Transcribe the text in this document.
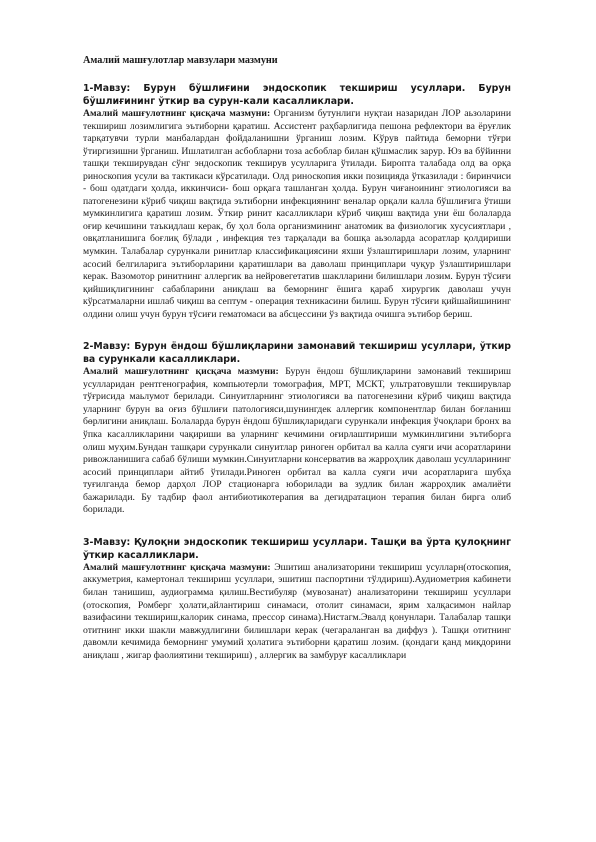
Амалий машғулотлар мавзулари мазмуни

1-Мавзу: Бурун бўшлиғини эндоскопик текшириш усуллари. Бурун бўшлиғининг ўткир ва сурун-кали касалликлари.

Амалий машғулотнинг қисқача мазмуни: Организм бутунлиги нуқтаи назаридан ЛОР аьзоларини текшириш лозимлигига эътиборни қаратиш. Ассистент раҳбарлигида пешона рефлектори ва ёруғлик тарқатувчи турли манбалардан фойдаланишни ўрганиш лозим. Кўрув пайтида беморни тўғри ўтиргизишни ўрганиш. Ишлатилган асбобларни тоза асбоблар билан қўшмаслик зарур. Юз ва бўйинни ташқи текширувдан сўнг эндоскопик текширув усулларига ўтилади. Биропта талабада олд ва орқа риноскопия усули ва тактикаси кўрсатилади. Олд риноскопия икки позицияда ўтказилади : биринчиси - бош одатдаги ҳолда, иккинчиси- бош орқага ташланган ҳолда. Бурун чиғаноининг этиологияси ва патогенезини кўриб чиқиш вақтида эътиборни инфекциянинг веналар орқали калла бўшлиғига ўтиши мумкинлигига қаратиш лозим. Ўткир ринит касалликлари кўриб чиқиш вақтида уни ёш болаларда оғир кечишини таъкидлаш керак, бу ҳол бола организмининг анатомик ва физиологик хусусиятлари , овқатланишига боғлиқ бўлади , инфекция тез тарқалади ва бошқа аьзоларда асоратлар қолдириши мумкин. Талабалар сурункали ринитлар классификациясини яхши ўзлаштиришлари лозим, уларнинг асосий белгиларига эътиборларини қаратишлари ва даволаш принциплари чуқур ўзлаштиришлари керак. Вазомотор ринитнинг аллергик ва нейровегетатив шаклларини билишлари лозим. Бурун тўсиғи қийшиқлигининг сабабларини аниқлаш ва беморнинг ёшига қараб хирургик даволаш учун кўрсатмаларни ишлаб чиқиш ва септум - операция техникасини билиш. Бурун тўсиғи қийшайишининг олдини олиш учун бурун тўсиғи гематомаси ва абсцессини ўз вақтида очишга эътибор бериш.

2-Мавзу: Бурун ёндош бўшлиқларини замонавий текшириш усуллари, ўткир ва сурункали касалликлари.

Амалий машғулотнинг қисқача мазмуни: Бурун ёндош бўшлиқларини замонавий текшириш усулларидан рентгенография, компьютерли томография, МРТ, МСКТ, ультратовушли текширувлар тўғрисида маьлумот берилади. Синуитларнинг этиологияси ва патогенезини кўриб чиқиш вақтида уларнинг бурун ва оғиз бўшлиғи патологияси,шунингдек аллергик компонентлар билан боғланиш бөрлигини аниқлаш. Болаларда бурун ёндош бўшлиқларидаги сурункали инфекция ўчоқлари бронх ва ўпка касалликларини чақириши ва уларнинг кечимини оғирлаштириши мумкинлигини эътиборга олиш муҳим.Бундан ташқари сурункали синуитлар риноген орбитал ва калла суяги ичи асоратларини ривожланишига сабаб бўлиши мумкин.Синуитларни консерватив ва жарроҳлик даволаш усулларининг асосий принциплари айтиб ўтилади.Риноген орбитал ва калла суяги ичи асоратларига шубҳа туғилганда бемор дарҳол ЛОР стационарга юборилади ва зудлик билан жарроҳлик амалиёти бажарилади. Бу тадбир фаол антибиотикотерапия ва дегидратацион терапия билан бирга олиб борилади.

3-Мавзу: Қулоқни эндоскопик текшириш усуллари. Ташқи ва ўрта қулоқнинг ўткир касалликлари.

Амалий машғулотнинг қисқача мазмуни: Эшитиш анализаторини текшириш усулларн(отоскопия, аккуметрия, камертонал текшириш усуллари, эшитиш паспортини тўлдириш).Аудиометрия кабинети билан танишиш, аудиограмма қилиш.Вестибуляр (мувозанат) анализаторини текшириш усуллари (отоскопия, Ромберг ҳолати,айлантириш синамаси, отолит синамаси, ярим халқасимон найлар вазифасини текшириш,калорик синама, прессор синама).Нистагм.Эвалд қонунлари. Талабалар ташқи отитнинг икки шакли мавжудлигини билишлари керак (чегараланган ва диффуз ). Ташқи отитнинг давомли кечимида беморнинг умумий ҳолатига эътиборни қаратиш лозим. (қондаги қанд миқдорини аниқлаш , жигар фаолиятини текшириш) , аллергик ва замбуруғ касалликлари
